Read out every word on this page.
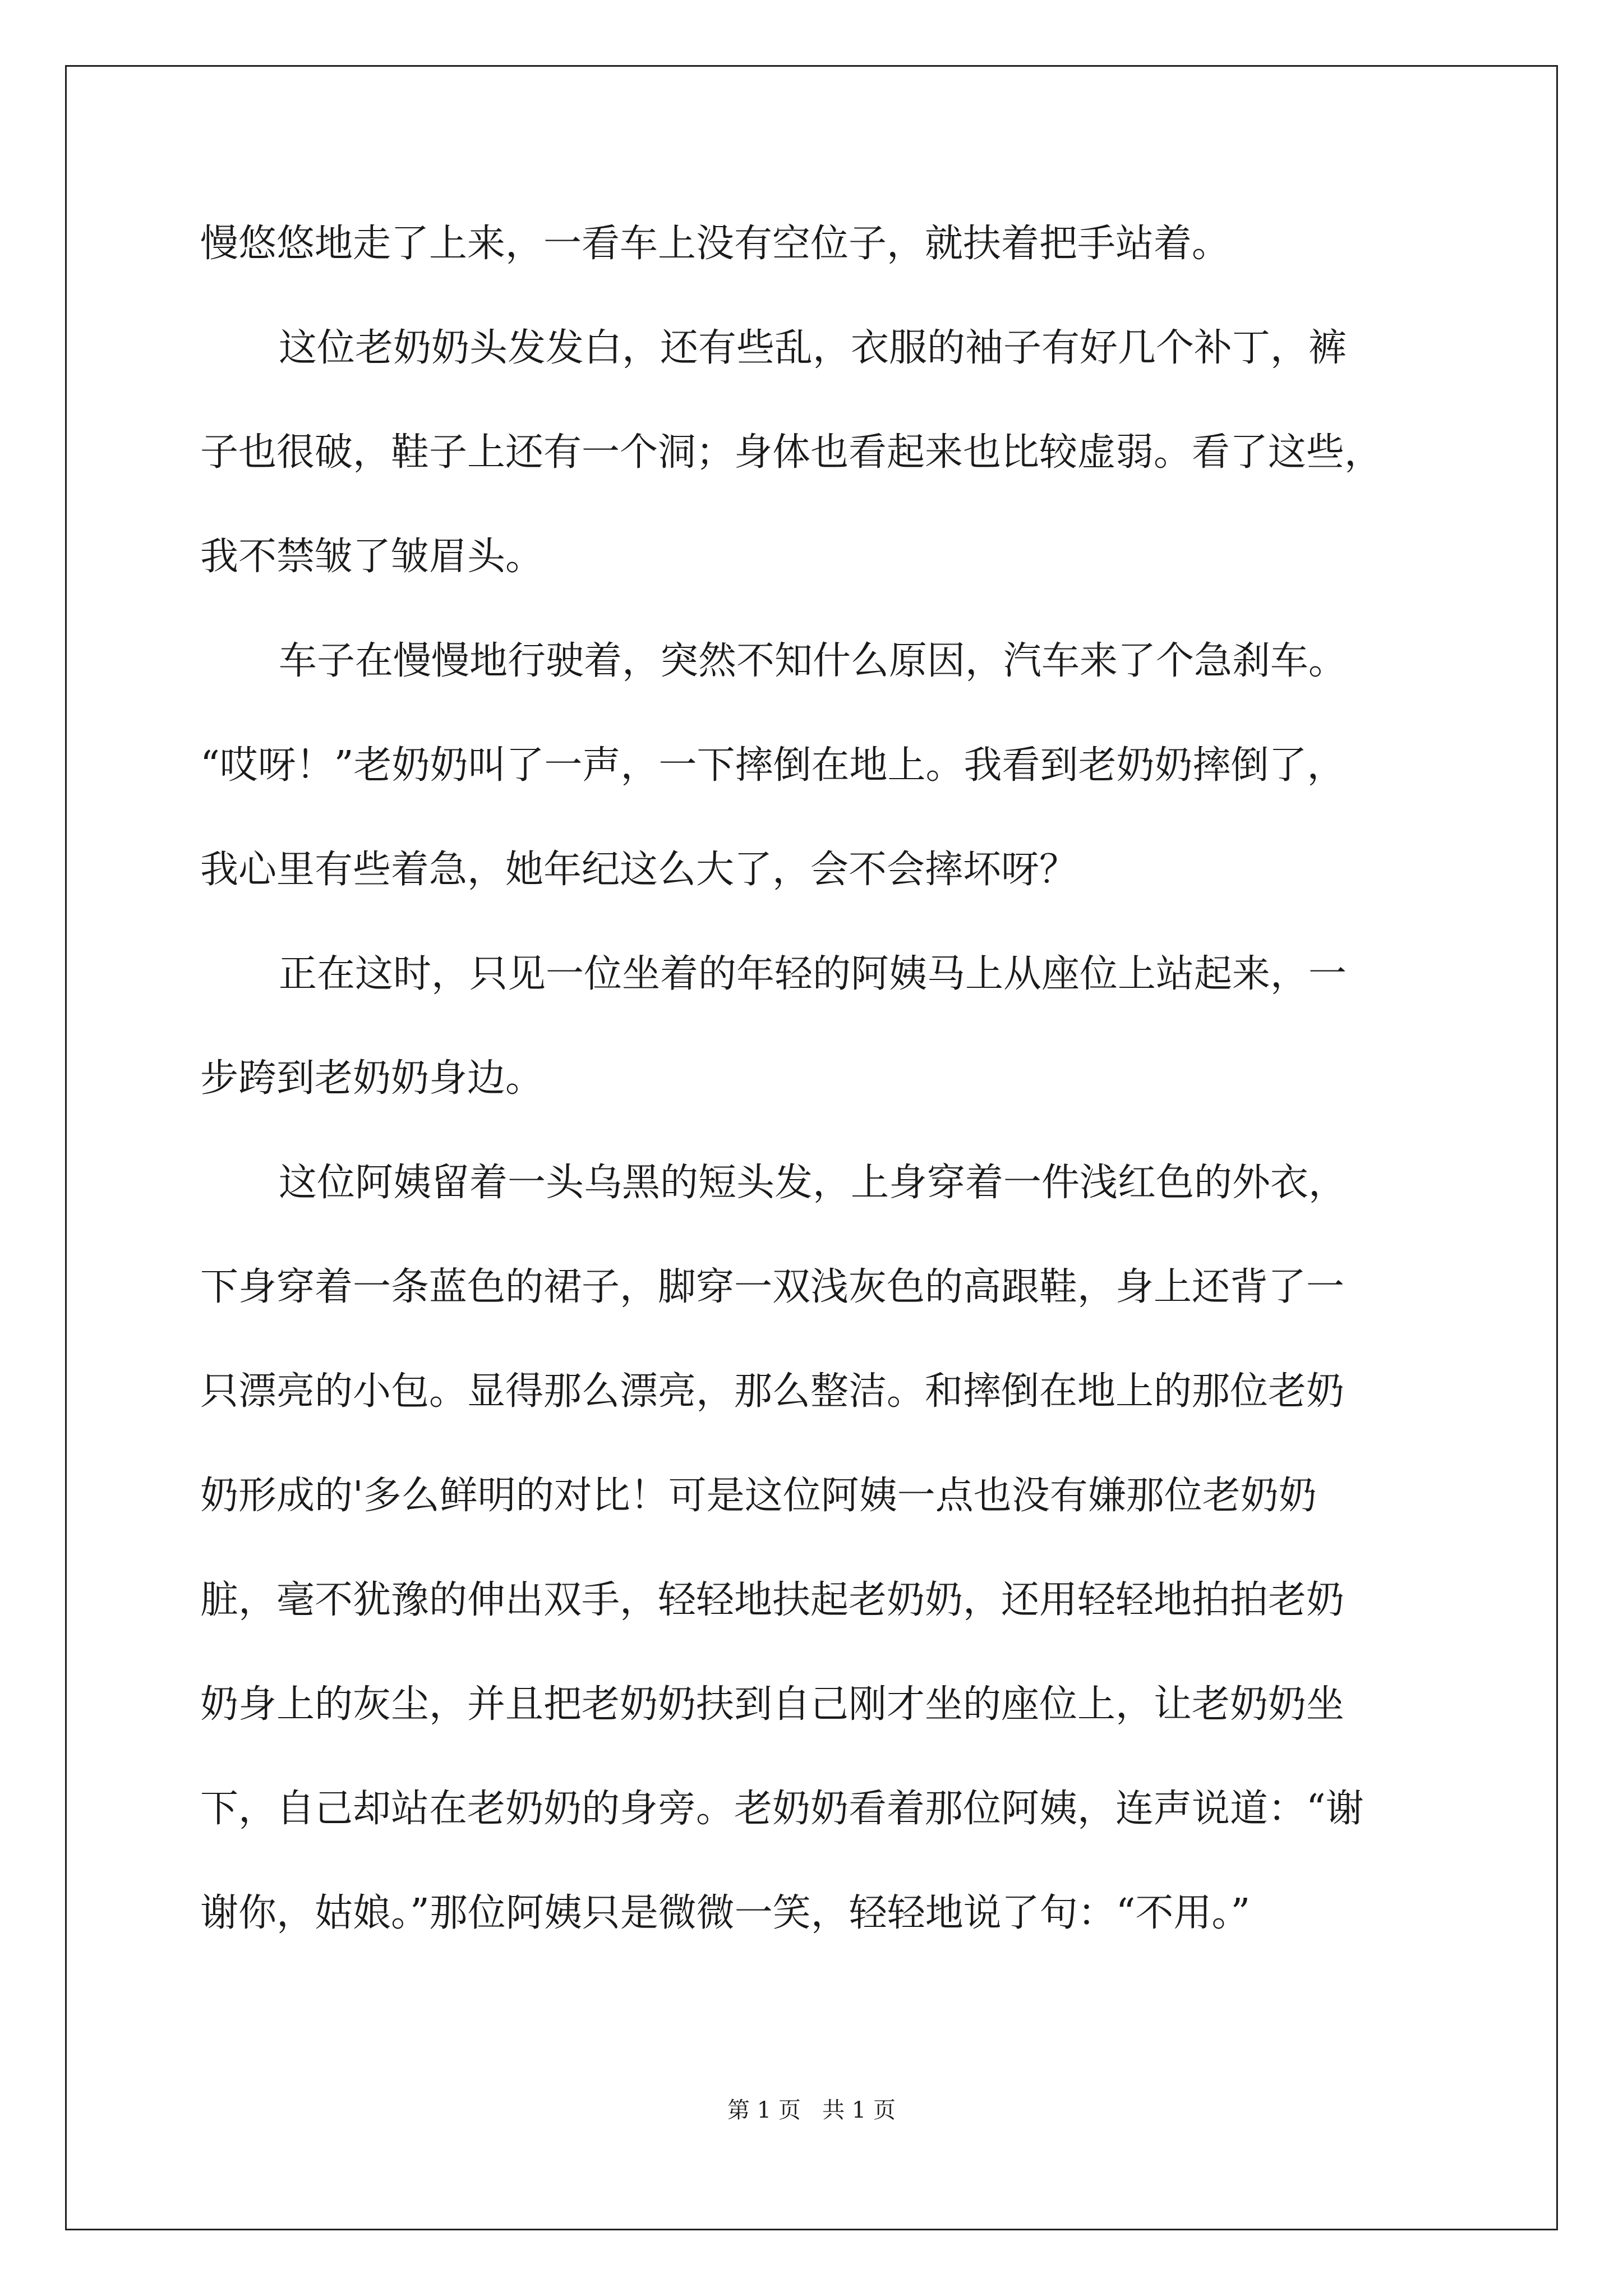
慢悠悠地走了上来，一看车上没有空位子，就扶着把手站着。
这位老奶奶头发发白，还有些乱，衣服的袖子有好几个补丁，裤
子也很破，鞋子上还有一个洞；身体也看起来也比较虚弱。看了这些，
我不禁皱了皱眉头。
车子在慢慢地行驶着，突然不知什么原因，汽车来了个急刹车。
“哎呀！”老奶奶叫了一声，一下摔倒在地上。我看到老奶奶摔倒了，
我心里有些着急，她年纪这么大了，会不会摔坏呀？
正在这时，只见一位坐着的年轻的阿姨马上从座位上站起来，一
步跨到老奶奶身边。
这位阿姨留着一头乌黑的短头发，上身穿着一件浅红色的外衣，
下身穿着一条蓝色的裙子，脚穿一双浅灰色的高跟鞋，身上还背了一
只漂亮的小包。显得那么漂亮，那么整洁。和摔倒在地上的那位老奶
奶形成的'多么鲜明的对比！可是这位阿姨一点也没有嫌那位老奶奶
脏，毫不犹豫的伸出双手，轻轻地扶起老奶奶，还用轻轻地拍拍老奶
奶身上的灰尘，并且把老奶奶扶到自己刚才坐的座位上，让老奶奶坐
下，自己却站在老奶奶的身旁。老奶奶看着那位阿姨，连声说道：“谢
谢你，姑娘。”那位阿姨只是微微一笑，轻轻地说了句：“不用。”
第 1 页   共 1 页
